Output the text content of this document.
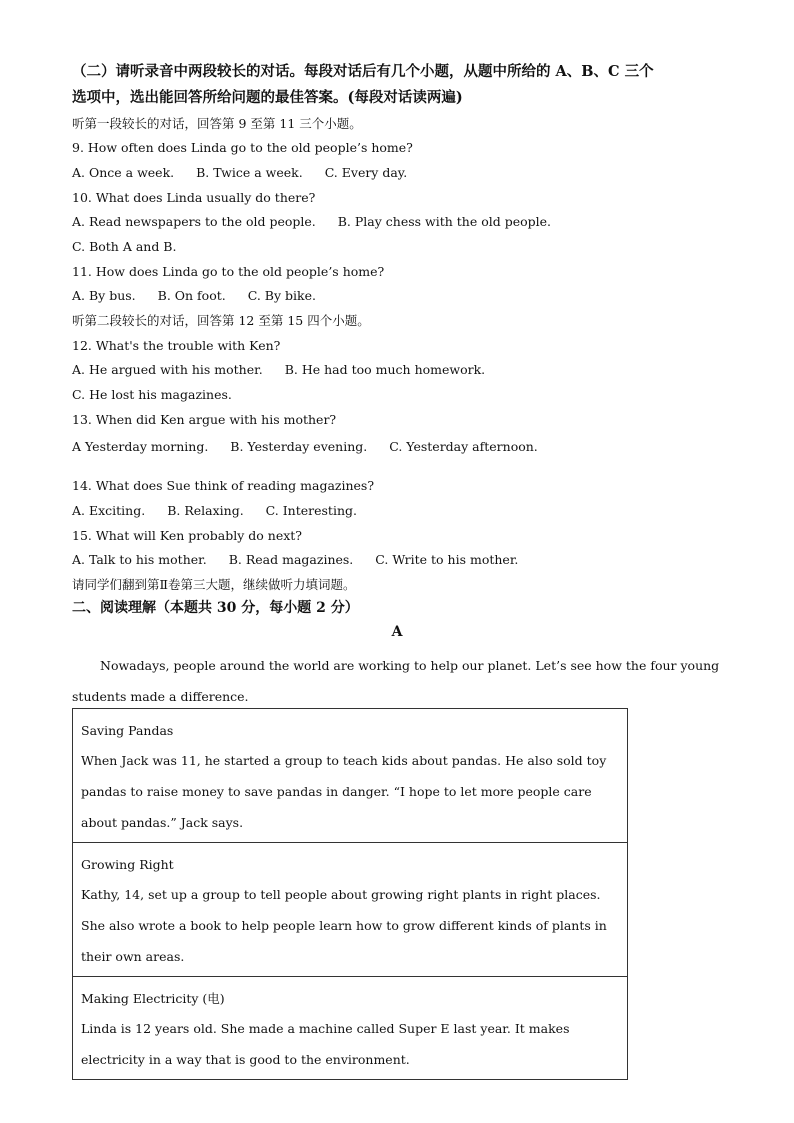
（二）请听录音中两段较长的对话。每段对话后有几个小题，从题中所给的 A、B、C 三个
选项中，选出能回答所给问题的最佳答案。(每段对话读两遍)
听第一段较长的对话，回答第 9 至第 11 三个小题。
9. How often does Linda go to the old people’s home?
A. Once a week. B. Twice a week. C. Every day.
10. What does Linda usually do there?
A. Read newspapers to the old people. B. Play chess with the old people.
C. Both A and B.
11. How does Linda go to the old people’s home?
A. By bus. B. On foot. C. By bike.
听第二段较长的对话，回答第 12 至第 15 四个小题。
12. What's the trouble with Ken?
A. He argued with his mother. B. He had too much homework.
C. He lost his magazines.
13. When did Ken argue with his mother?
A Yesterday morning. B. Yesterday evening. C. Yesterday afternoon.
14. What does Sue think of reading magazines?
A. Exciting. B. Relaxing. C. Interesting.
15. What will Ken probably do next?
A. Talk to his mother. B. Read magazines. C. Write to his mother.
请同学们翻到第Ⅱ卷第三大题，继续做听力填词题。
二、阅读理解（本题共 30 分，每小题 2 分）
A
Nowadays, people around the world are working to help our planet. Let’s see how the four young students made a difference.
Saving Pandas
When Jack was 11, he started a group to teach kids about pandas. He also sold toy pandas to raise money to save pandas in danger. “I hope to let more people care about pandas.” Jack says.

Growing Right
Kathy, 14, set up a group to tell people about growing right plants in right places. She also wrote a book to help people learn how to grow different kinds of plants in their own areas.

Making Electricity (电)
Linda is 12 years old. She made a machine called Super E last year. It makes electricity in a way that is good to the environment.
